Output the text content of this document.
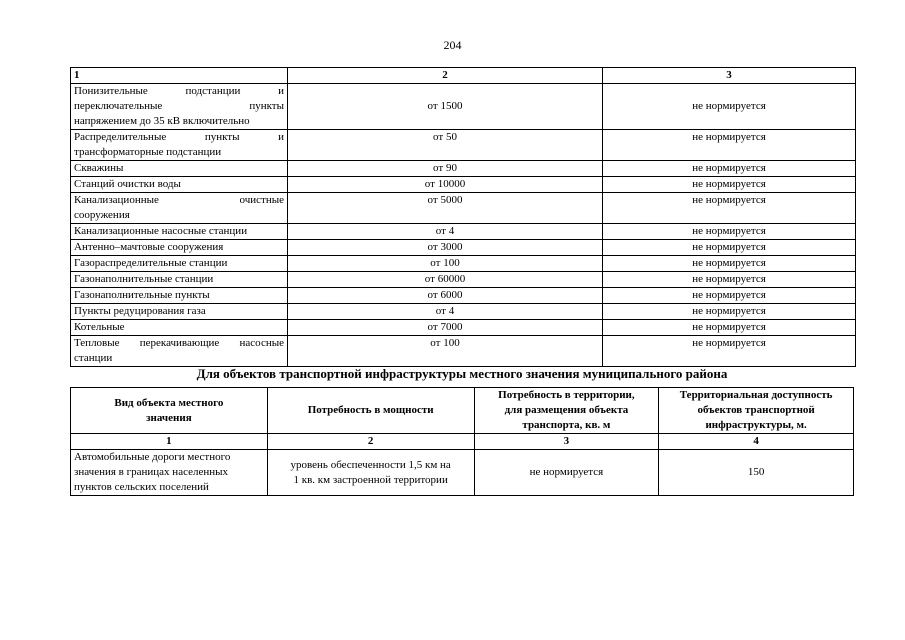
204
1	2	3

Понизительные подстанции и
переключательные пункты
напряжением до 35 кВ включительно	от 1500	не нормируется

Распределительные пункты и
трансформаторные подстанции	от 50	не нормируется

Скважины	от 90	не нормируется

Станций очистки воды	от 10000	не нормируется

Канализационные очистные
сооружения	от 5000	не нормируется

Канализационные насосные станции	от 4	не нормируется

Антенно–мачтовые сооружения	от 3000	не нормируется

Газораспределительные станции	от 100	не нормируется

Газонаполнительные станции	от 60000	не нормируется

Газонаполнительные пункты	от 6000	не нормируется

Пункты редуцирования газа	от 4	не нормируется

Котельные	от 7000	не нормируется

Тепловые перекачивающие насосные
станции	от 100	не нормируется
Для объектов транспортной инфраструктуры местного значения муниципального района
Вид объекта местного
значения	Потребность в мощности	Потребность в территории,
для размещения объекта
транспорта, кв. м	Территориальная доступность
объектов транспортной
инфраструктуры, м.
1	2	3	4
Автомобильные дороги местного
значения в границах населенных
пунктов сельских поселений	уровень обеспеченности 1,5 км на
1 кв. км застроенной территории	не нормируется	150
